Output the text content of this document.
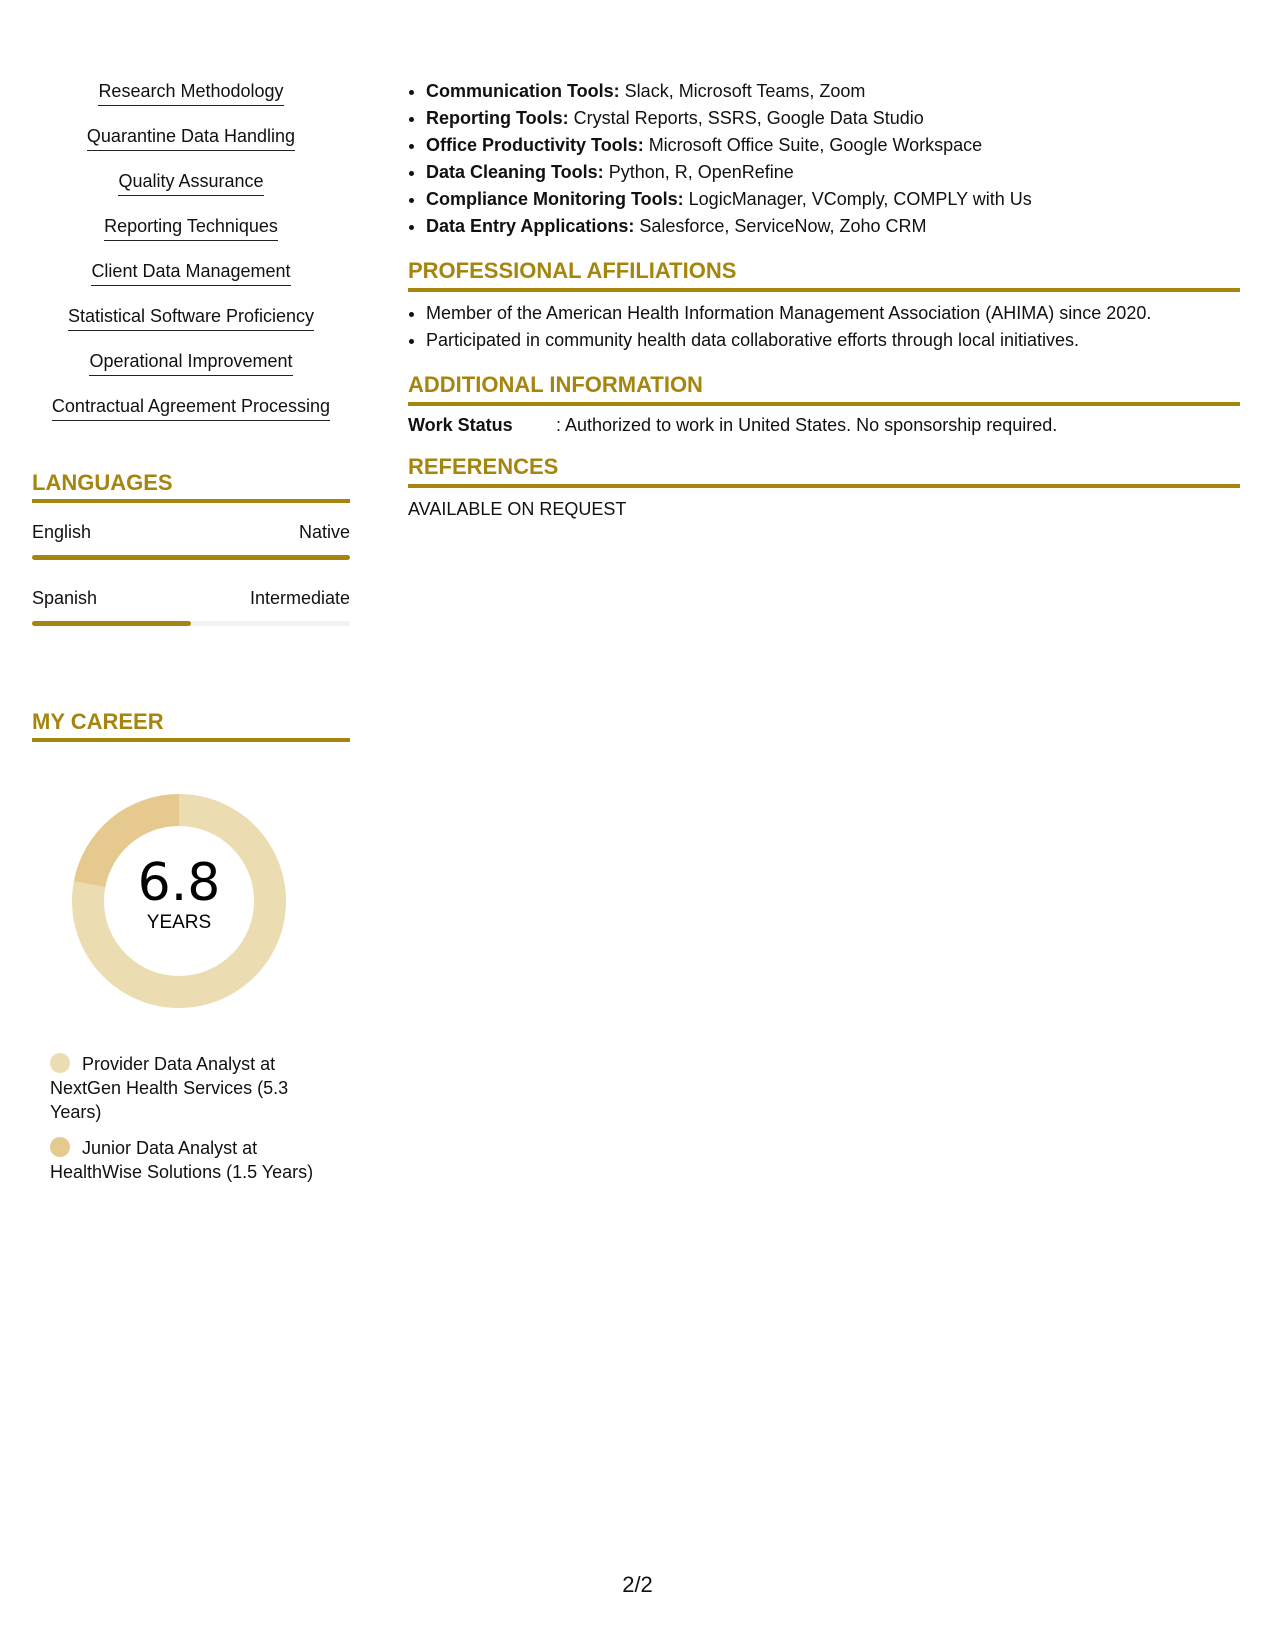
Research Methodology
Quarantine Data Handling
Quality Assurance
Reporting Techniques
Client Data Management
Statistical Software Proficiency
Operational Improvement
Contractual Agreement Processing
LANGUAGES
English	Native
Spanish	Intermediate
MY CAREER
6.8
YEARS
Provider Data Analyst at NextGen Health Services (5.3 Years)
Junior Data Analyst at HealthWise Solutions (1.5 Years)
• Communication Tools: Slack, Microsoft Teams, Zoom
• Reporting Tools: Crystal Reports, SSRS, Google Data Studio
• Office Productivity Tools: Microsoft Office Suite, Google Workspace
• Data Cleaning Tools: Python, R, OpenRefine
• Compliance Monitoring Tools: LogicManager, VComply, COMPLY with Us
• Data Entry Applications: Salesforce, ServiceNow, Zoho CRM
PROFESSIONAL AFFILIATIONS
• Member of the American Health Information Management Association (AHIMA) since 2020.
• Participated in community health data collaborative efforts through local initiatives.
ADDITIONAL INFORMATION
Work Status : Authorized to work in United States. No sponsorship required.
REFERENCES
AVAILABLE ON REQUEST
2/2
